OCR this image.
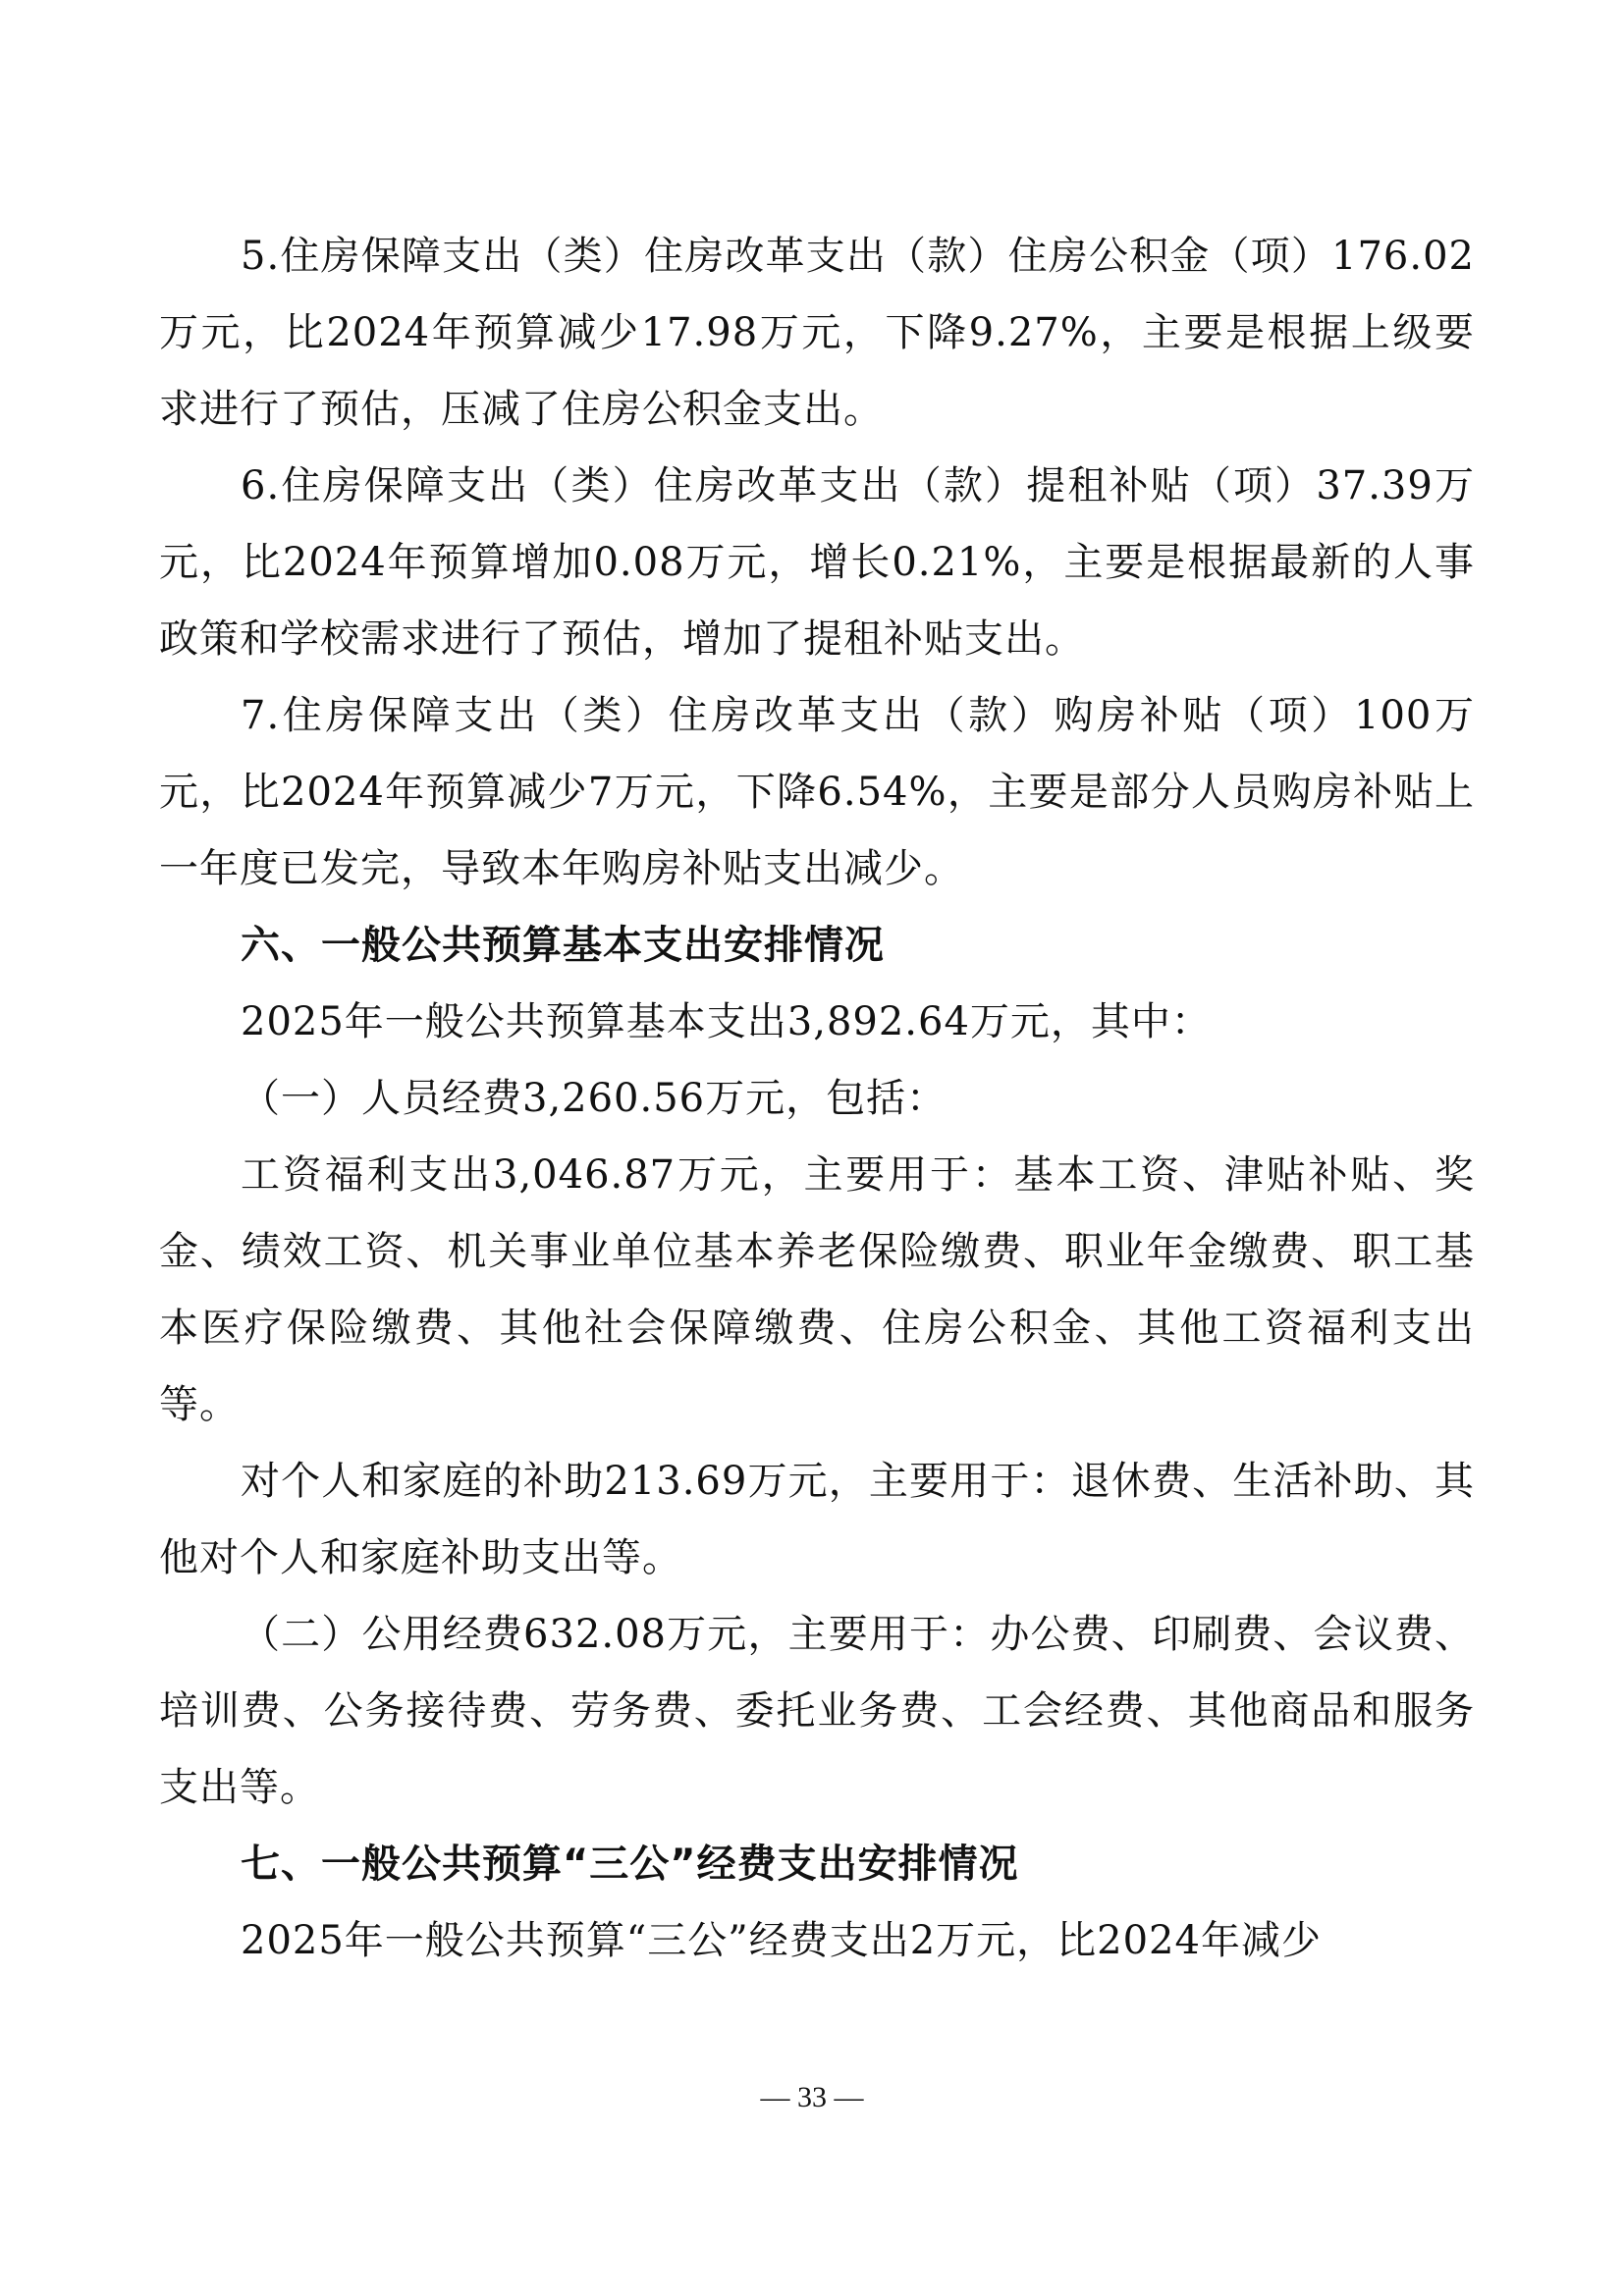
5.住房保障支出（类）住房改革支出（款）住房公积金（项）176.02万元，比2024年预算减少17.98万元，下降9.27%，主要是根据上级要求进行了预估，压减了住房公积金支出。

6.住房保障支出（类）住房改革支出（款）提租补贴（项）37.39万元，比2024年预算增加0.08万元，增长0.21%，主要是根据最新的人事政策和学校需求进行了预估，增加了提租补贴支出。

7.住房保障支出（类）住房改革支出（款）购房补贴（项）100万元，比2024年预算减少7万元，下降6.54%，主要是部分人员购房补贴上一年度已发完，导致本年购房补贴支出减少。

六、一般公共预算基本支出安排情况

2025年一般公共预算基本支出3,892.64万元，其中：

（一）人员经费3,260.56万元，包括：

工资福利支出3,046.87万元，主要用于：基本工资、津贴补贴、奖金、绩效工资、机关事业单位基本养老保险缴费、职业年金缴费、职工基本医疗保险缴费、其他社会保障缴费、住房公积金、其他工资福利支出等。

对个人和家庭的补助213.69万元，主要用于：退休费、生活补助、其他对个人和家庭补助支出等。

（二）公用经费632.08万元，主要用于：办公费、印刷费、会议费、培训费、公务接待费、劳务费、委托业务费、工会经费、其他商品和服务支出等。

七、一般公共预算“三公”经费支出安排情况

2025年一般公共预算“三公”经费支出2万元，比2024年减少

— 33 —
